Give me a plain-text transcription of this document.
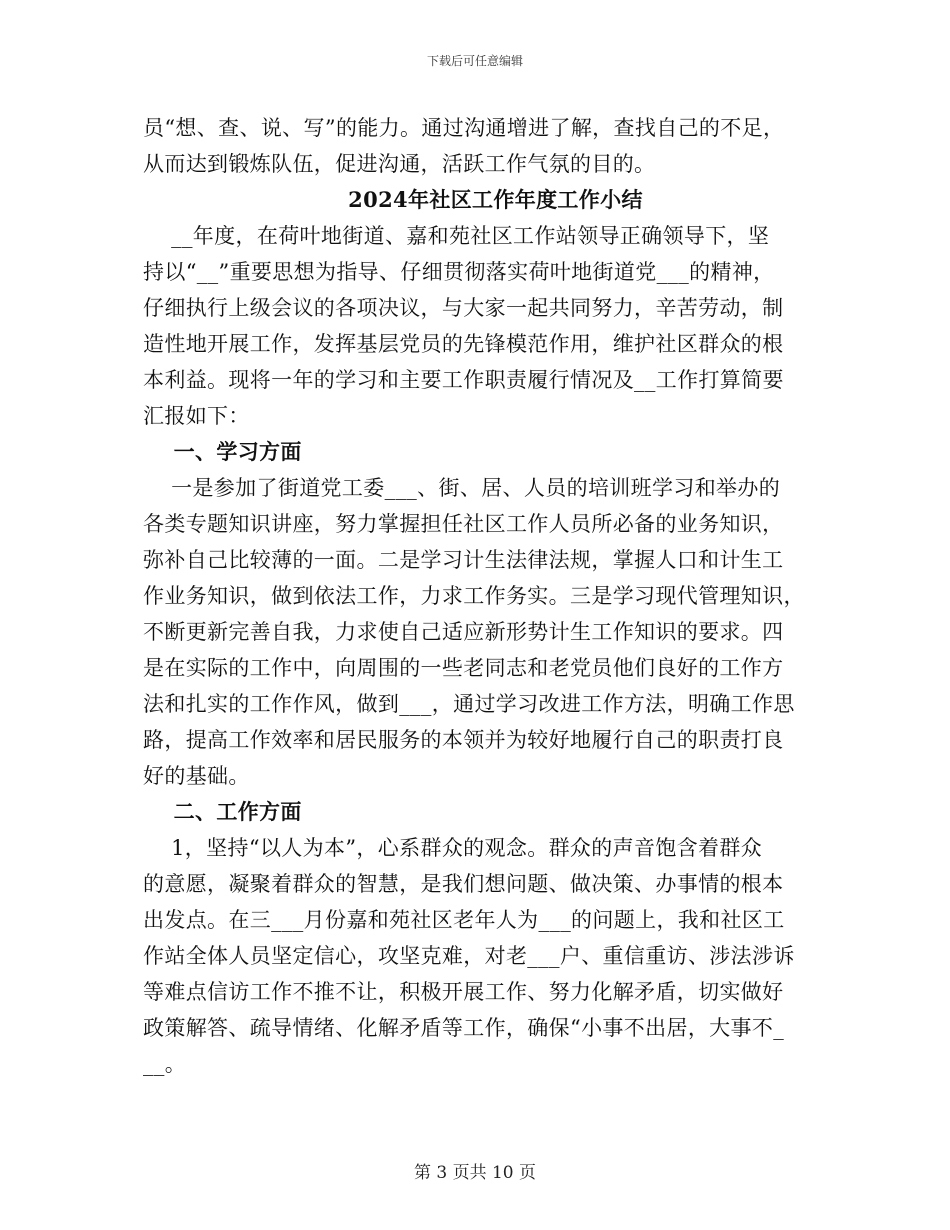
下载后可任意编辑
员“想、查、说、写”的能力。通过沟通增进了解，查找自己的不足，
从而达到锻炼队伍，促进沟通，活跃工作气氛的目的。
2024年社区工作年度工作小结
__年度，在荷叶地街道、嘉和苑社区工作站领导正确领导下，坚
持以“__”重要思想为指导、仔细贯彻落实荷叶地街道党___的精神，
仔细执行上级会议的各项决议，与大家一起共同努力，辛苦劳动，制
造性地开展工作，发挥基层党员的先锋模范作用，维护社区群众的根
本利益。现将一年的学习和主要工作职责履行情况及__工作打算简要
汇报如下：
一、学习方面
一是参加了街道党工委___、街、居、人员的培训班学习和举办的
各类专题知识讲座，努力掌握担任社区工作人员所必备的业务知识，
弥补自己比较薄的一面。二是学习计生法律法规，掌握人口和计生工
作业务知识，做到依法工作，力求工作务实。三是学习现代管理知识，
不断更新完善自我，力求使自己适应新形势计生工作知识的要求。四
是在实际的工作中，向周围的一些老同志和老党员他们良好的工作方
法和扎实的工作作风，做到___，通过学习改进工作方法，明确工作思
路，提高工作效率和居民服务的本领并为较好地履行自己的职责打良
好的基础。
二、工作方面
1，坚持“以人为本”，心系群众的观念。群众的声音饱含着群众
的意愿，凝聚着群众的智慧，是我们想问题、做决策、办事情的根本
出发点。在三___月份嘉和苑社区老年人为___的问题上，我和社区工
作站全体人员坚定信心，攻坚克难，对老___户、重信重访、涉法涉诉
等难点信访工作不推不让，积极开展工作、努力化解矛盾，切实做好
政策解答、疏导情绪、化解矛盾等工作，确保“小事不出居，大事不_
__。
第 3 页共 10 页
